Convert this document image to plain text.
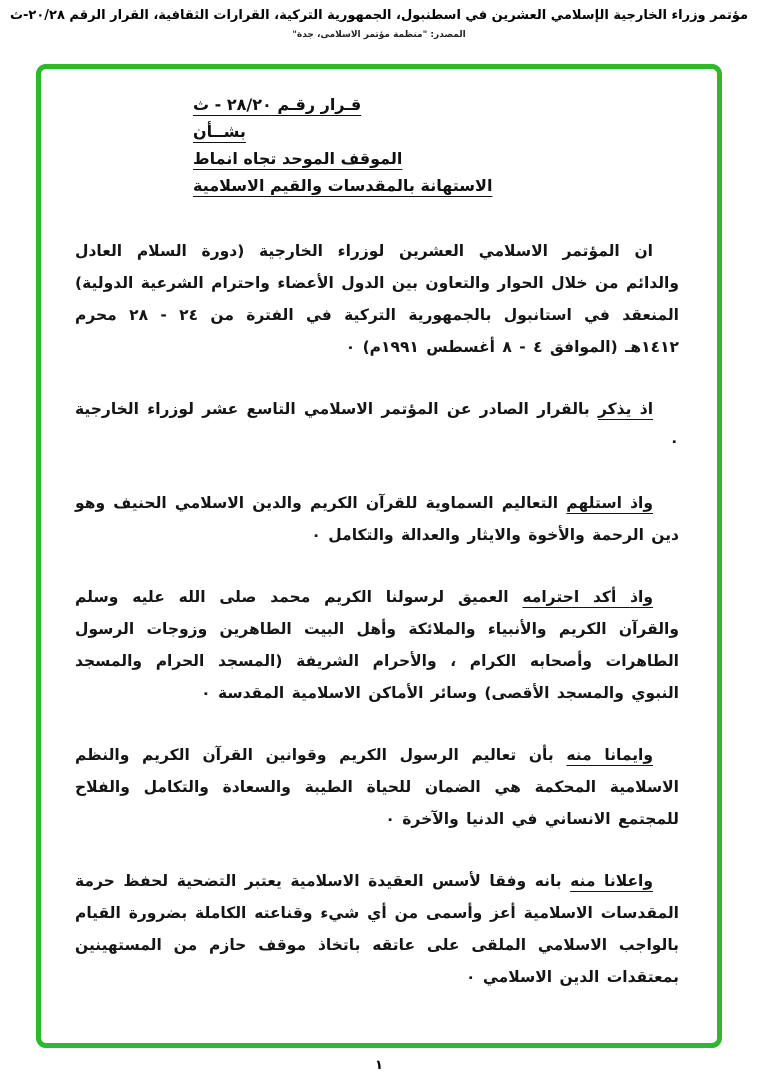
مؤتمر وزراء الخارجية الإسلامي العشرين في اسطنبول، الجمهورية التركية، القرارات الثقافية، القرار الرقم ٢٠/٢٨-ث
المصدر: "منظمة مؤتمر الاسلامى، جدة"
قـرار رقـم ٢٨/٢٠ - ث
بشــأن
الموقف الموحد تجاه انماط
الاستهانة بالمقدسات والقيم الاسلامية

ان المؤتمر الاسلامي العشرين لوزراء الخارجية (دورة السلام العادل والدائم من خلال الحوار والتعاون بين الدول الأعضاء واحترام الشرعية الدولية) المنعقد في استانبول بالجمهورية التركية في الفترة من ٢٤ - ٢٨ محرم ١٤١٢هـ (الموافق ٤ - ٨ أغسطس ١٩٩١م) ٠

اذ يذكر بالقرار الصادر عن المؤتمر الاسلامي التاسع عشر لوزراء الخارجية ٠

واذ استلهم التعاليم السماوية للقرآن الكريم والدين الاسلامي الحنيف وهو دين الرحمة والأخوة والايثار والعدالة والتكامل ٠

واذ أكد احترامه العميق لرسولنا الكريم محمد صلى الله عليه وسلم والقرآن الكريم والأنبياء والملائكة وأهل البيت الطاهرين وزوجات الرسول الطاهرات وأصحابه الكرام ، والأحرام الشريفة (المسجد الحرام والمسجد النبوي والمسجد الأقصى) وسائر الأماكن الاسلامية المقدسة ٠

وايمانا منه بأن تعاليم الرسول الكريم وقوانين القرآن الكريم والنظم الاسلامية المحكمة هي الضمان للحياة الطيبة والسعادة والتكامل والفلاح للمجتمع الانساني في الدنيا والآخرة ٠

واعلانا منه بانه وفقا لأسس العقيدة الاسلامية يعتبر التضحية لحفظ حرمة المقدسات الاسلامية أعز وأسمى من أي شيء وقناعته الكاملة بضرورة القيام بالواجب الاسلامي الملقى على عاتقه باتخاذ موقف حازم من المستهينين بمعتقدات الدين الاسلامي ٠

١
